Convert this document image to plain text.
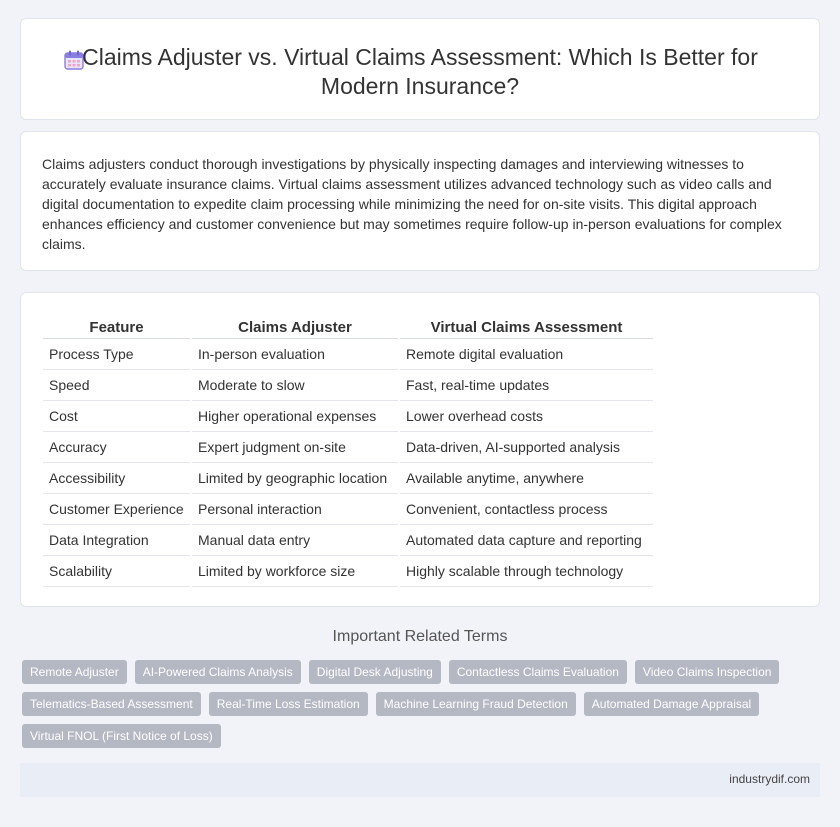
Claims Adjuster vs. Virtual Claims Assessment: Which Is Better for Modern Insurance?

Claims adjusters conduct thorough investigations by physically inspecting damages and interviewing witnesses to accurately evaluate insurance claims. Virtual claims assessment utilizes advanced technology such as video calls and digital documentation to expedite claim processing while minimizing the need for on-site visits. This digital approach enhances efficiency and customer convenience but may sometimes require follow-up in-person evaluations for complex claims.

Feature	Claims Adjuster	Virtual Claims Assessment
Process Type	In-person evaluation	Remote digital evaluation
Speed	Moderate to slow	Fast, real-time updates
Cost	Higher operational expenses	Lower overhead costs
Accuracy	Expert judgment on-site	Data-driven, AI-supported analysis
Accessibility	Limited by geographic location	Available anytime, anywhere
Customer Experience	Personal interaction	Convenient, contactless process
Data Integration	Manual data entry	Automated data capture and reporting
Scalability	Limited by workforce size	Highly scalable through technology
Important Related Terms
Remote Adjuster	AI-Powered Claims Analysis	Digital Desk Adjusting	Contactless Claims Evaluation	Video Claims Inspection
Telematics-Based Assessment	Real-Time Loss Estimation	Machine Learning Fraud Detection	Automated Damage Appraisal
Virtual FNOL (First Notice of Loss)
industrydif.com
